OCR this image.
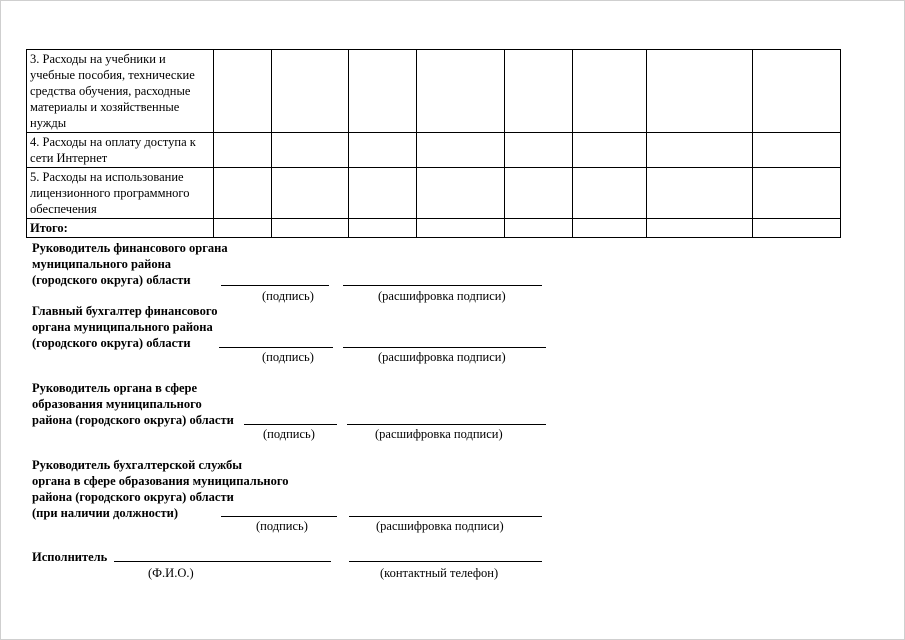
3. Расходы на учебники и учебные пособия, технические средства обучения, расходные материалы и хозяйственные нужды								
4. Расходы на оплату доступа к сети Интернет								
5. Расходы на использование лицензионного программного обеспечения								
Итого:								
Руководитель финансового органа
муниципального района
(городского округа) области
(подпись)	(расшифровка подписи)
Главный бухгалтер финансового
органа муниципального района
(городского округа) области
(подпись)	(расшифровка подписи)
Руководитель органа в сфере
образования муниципального
района (городского округа) области
(подпись)	(расшифровка подписи)
Руководитель бухгалтерской службы
органа в сфере образования муниципального
района (городского округа) области
(при наличии должности)
(подпись)	(расшифровка подписи)
Исполнитель
(Ф.И.О.)	(контактный телефон)
